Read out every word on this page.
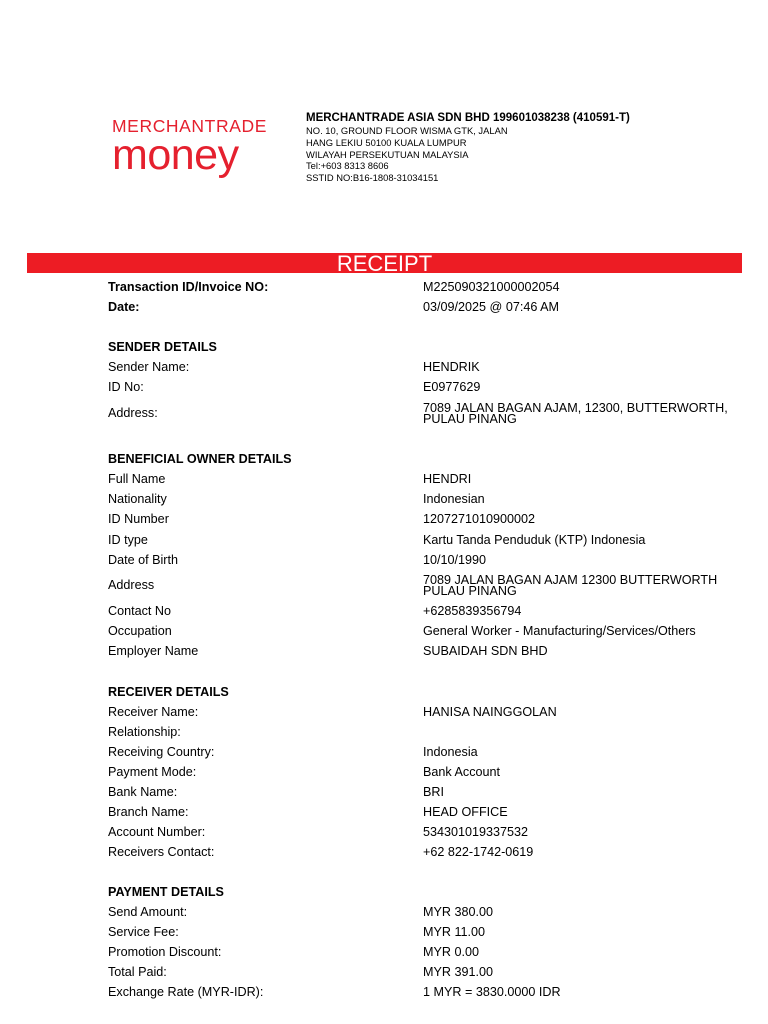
MERCHANTRADE
money
MERCHANTRADE ASIA SDN BHD 199601038238 (410591-T)
NO. 10, GROUND FLOOR WISMA GTK, JALAN
HANG LEKIU 50100 KUALA LUMPUR
WILAYAH PERSEKUTUAN MALAYSIA
Tel:+603 8313 8606
SSTID NO:B16-1808-31034151
RECEIPT
Transaction ID/Invoice NO:	M225090321000002054
Date:	03/09/2025 @ 07:46 AM
SENDER DETAILS
Sender Name:	HENDRIK
ID No:	E0977629
Address:	7089 JALAN BAGAN AJAM, 12300, BUTTERWORTH, PULAU PINANG
BENEFICIAL OWNER DETAILS
Full Name	HENDRI
Nationality	Indonesian
ID Number	1207271010900002
ID type	Kartu Tanda Penduduk (KTP) Indonesia
Date of Birth	10/10/1990
Address	7089 JALAN BAGAN AJAM 12300 BUTTERWORTH PULAU PINANG
Contact No	+6285839356794
Occupation	General Worker - Manufacturing/Services/Others
Employer Name	SUBAIDAH SDN BHD
RECEIVER DETAILS
Receiver Name:	HANISA NAINGGOLAN
Relationship:
Receiving Country:	Indonesia
Payment Mode:	Bank Account
Bank Name:	BRI
Branch Name:	HEAD OFFICE
Account Number:	534301019337532
Receivers Contact:	+62 822-1742-0619
PAYMENT DETAILS
Send Amount:	MYR 380.00
Service Fee:	MYR 11.00
Promotion Discount:	MYR 0.00
Total Paid:	MYR 391.00
Exchange Rate (MYR-IDR):	1 MYR = 3830.0000 IDR
